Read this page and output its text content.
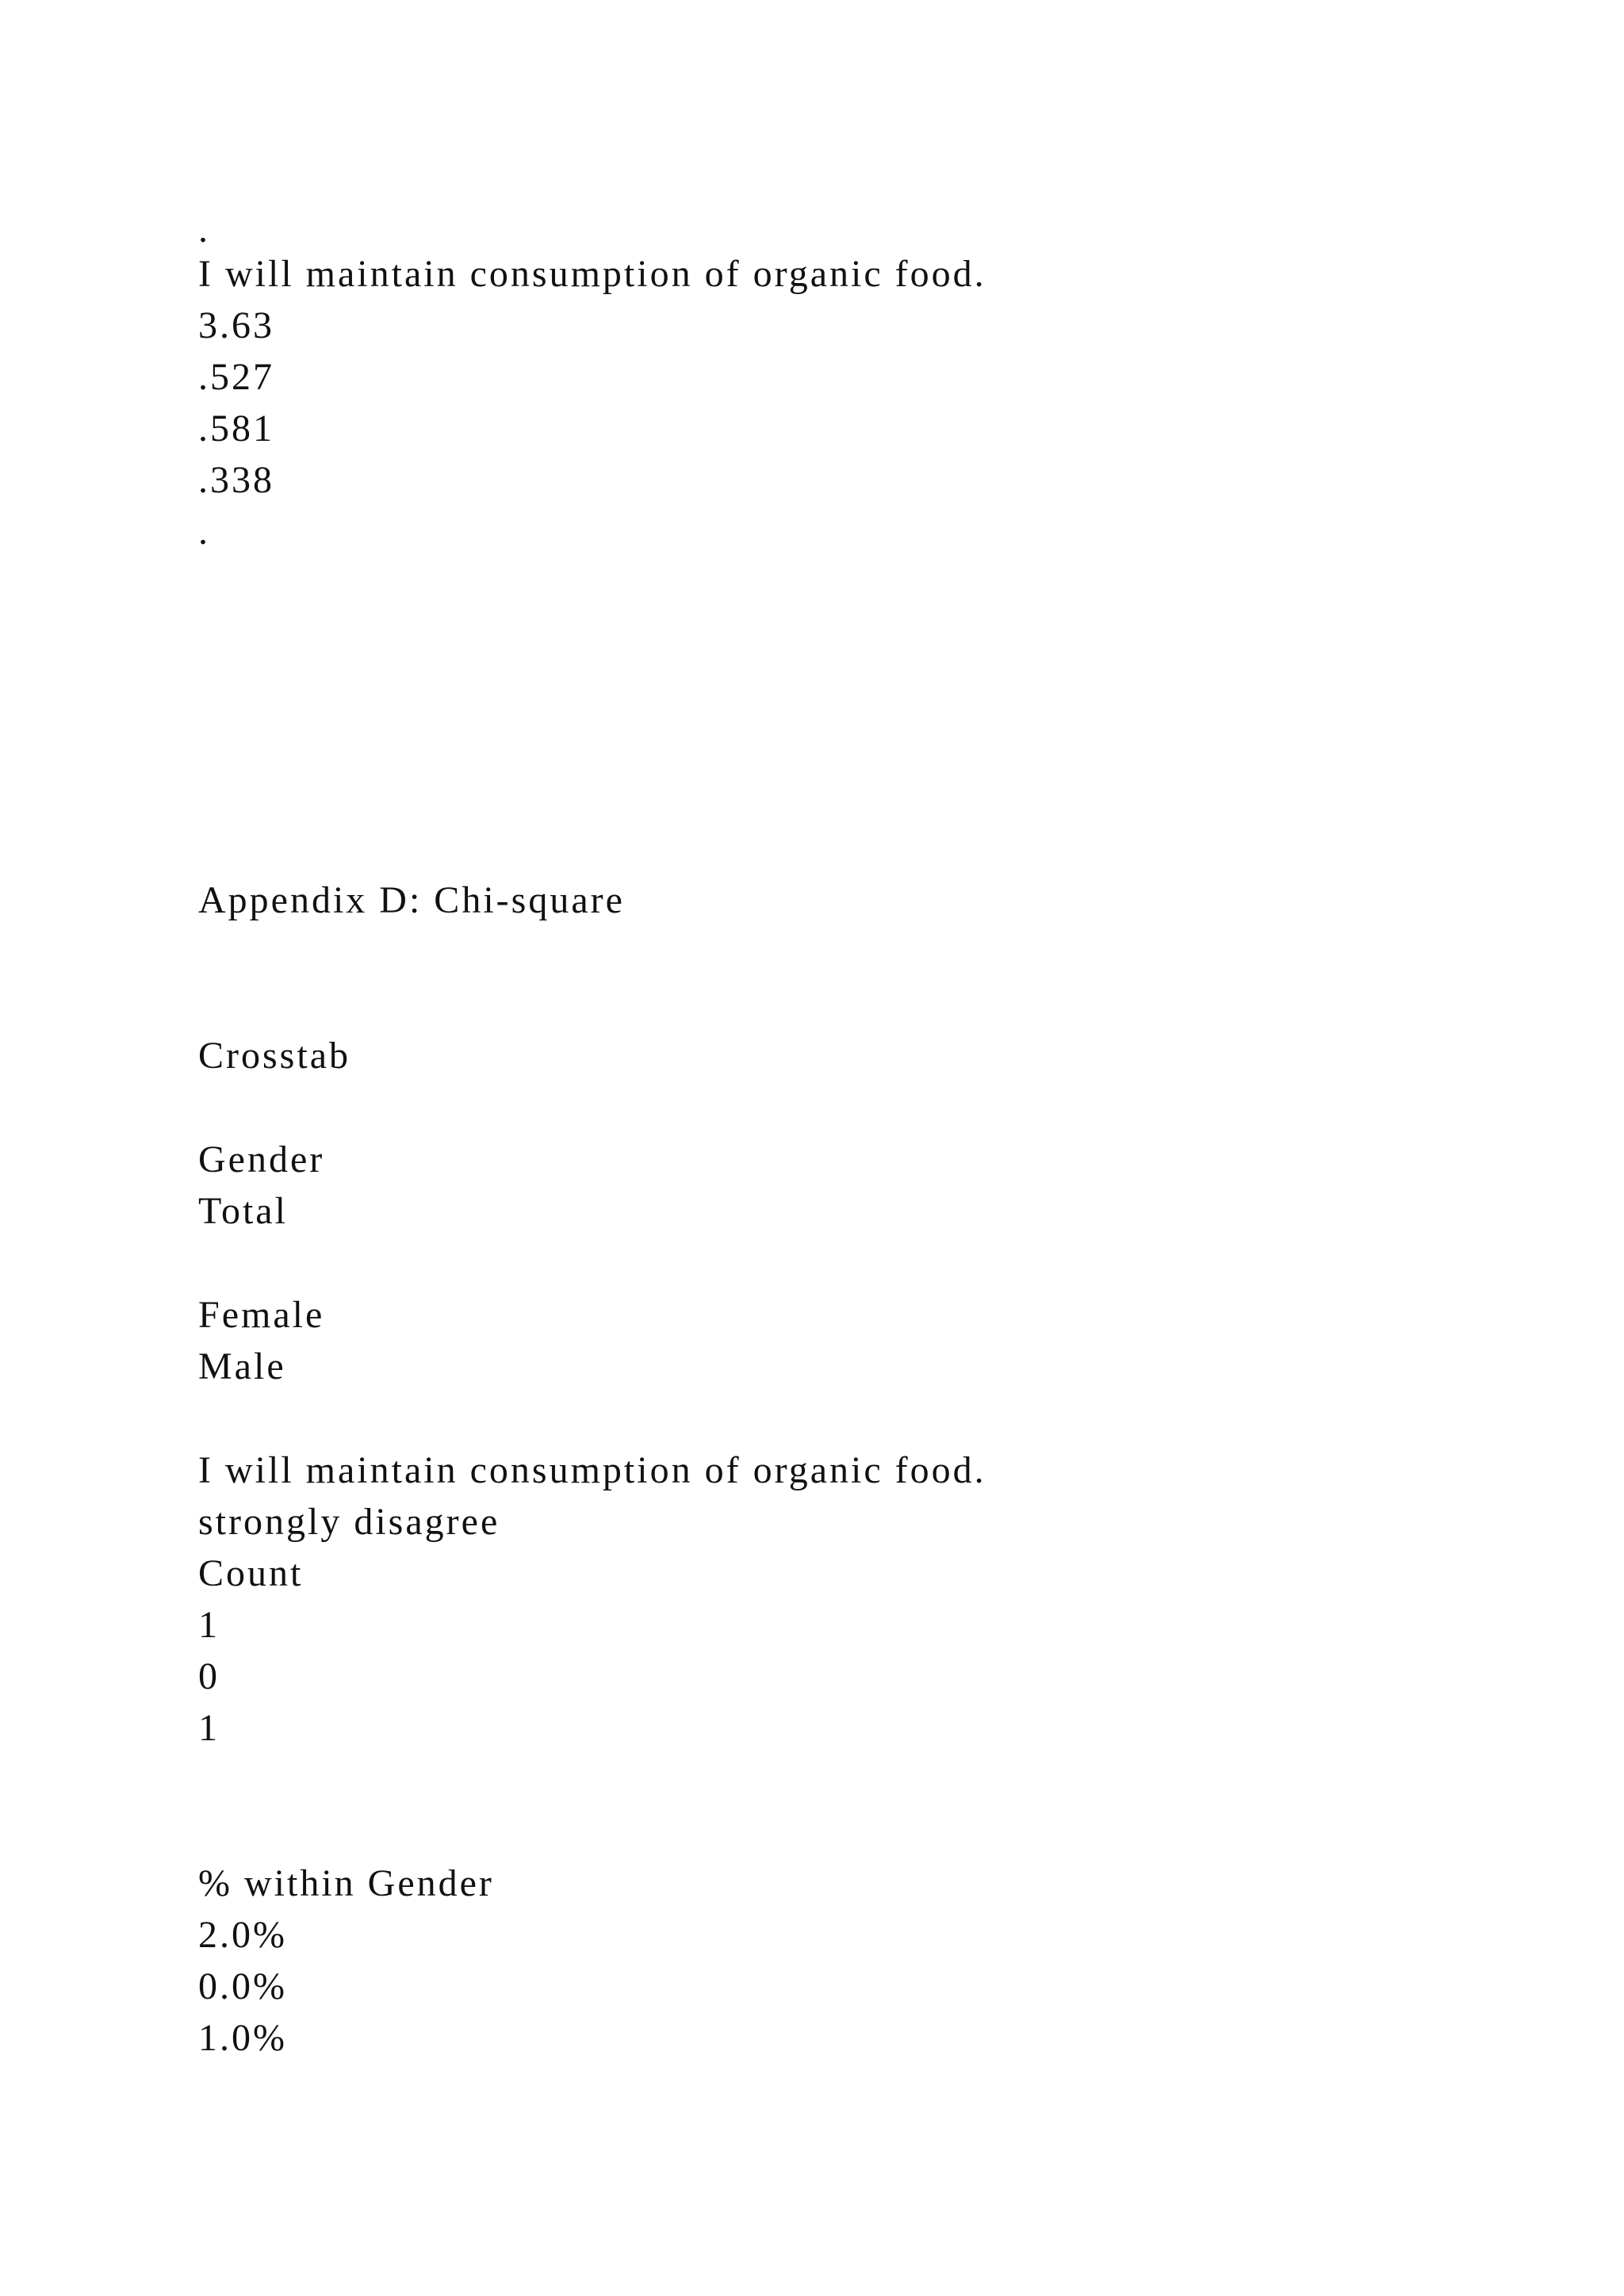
.
I will maintain consumption of organic food.
3.63
.527
.581
.338
.
Appendix D: Chi-square
Crosstab
Gender
Total
Female
Male
I will maintain consumption of organic food.
strongly disagree
Count
1
0
1
% within Gender
2.0%
0.0%
1.0%
